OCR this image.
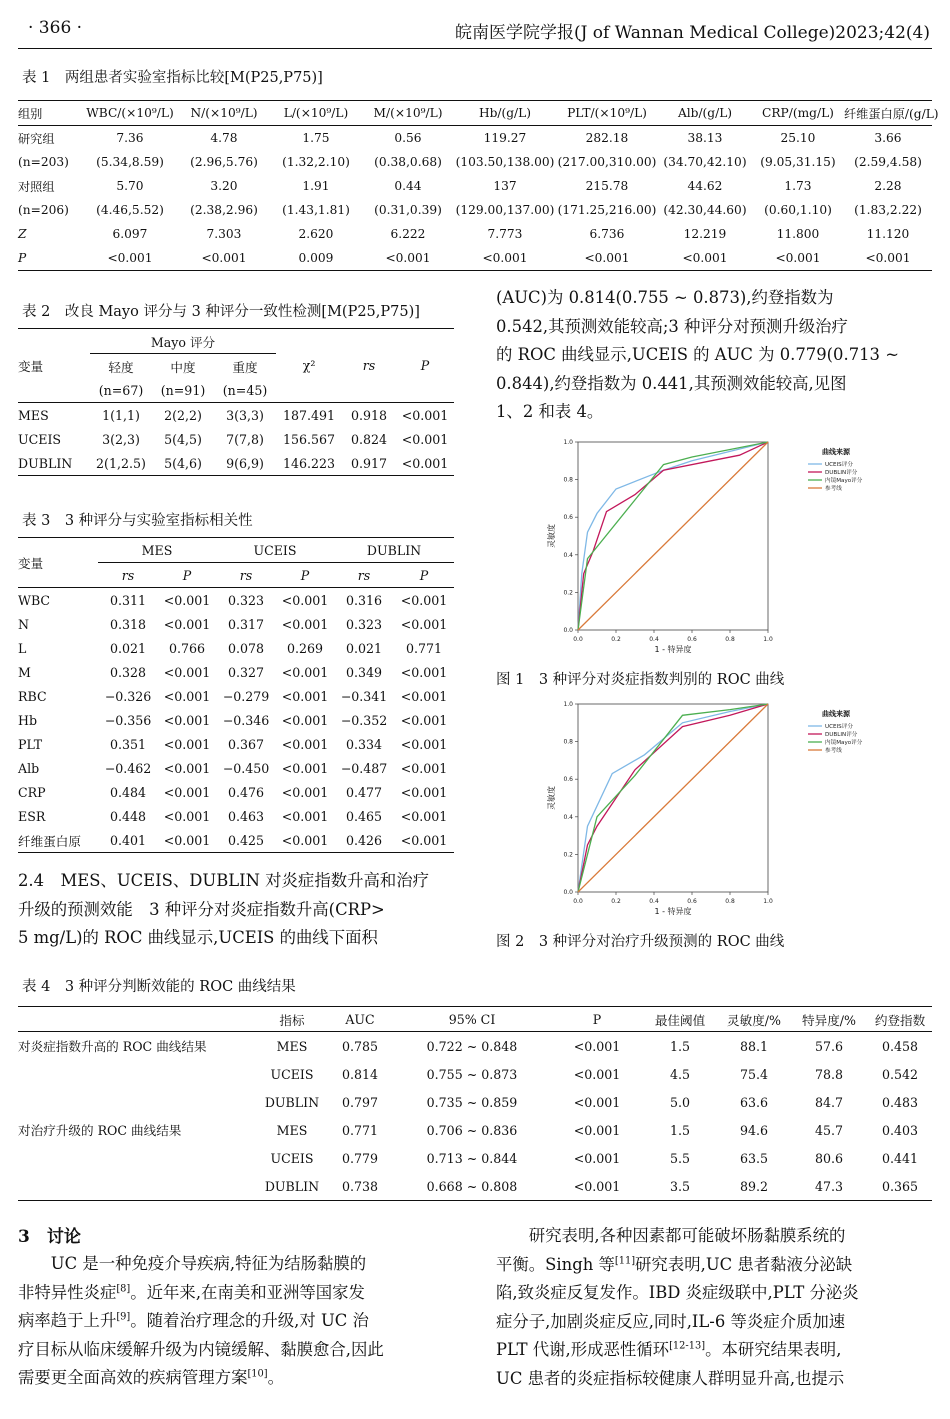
· 366 ·	皖南医学院学报(J of Wannan Medical College)2023;42(4)
表 1　两组患者实验室指标比较[M(P25,P75)]
组别	WBC/(×10⁹/L)	N/(×10⁹/L)	L/(×10⁹/L)	M/(×10⁹/L)	Hb/(g/L)	PLT/(×10⁹/L)	Alb/(g/L)	CRP/(mg/L)	纤维蛋白原/(g/L)
研究组	7.36	4.78	1.75	0.56	119.27	282.18	38.13	25.10	3.66
(n=203)	(5.34,8.59)	(2.96,5.76)	(1.32,2.10)	(0.38,0.68)	(103.50,138.00)	(217.00,310.00)	(34.70,42.10)	(9.05,31.15)	(2.59,4.58)
对照组	5.70	3.20	1.91	0.44	137	215.78	44.62	1.73	2.28
(n=206)	(4.46,5.52)	(2.38,2.96)	(1.43,1.81)	(0.31,0.39)	(129.00,137.00)	(171.25,216.00)	(42.30,44.60)	(0.60,1.10)	(1.83,2.22)
Z	6.097	7.303	2.620	6.222	7.773	6.736	12.219	11.800	11.120
P	<0.001	<0.001	0.009	<0.001	<0.001	<0.001	<0.001	<0.001	<0.001
表 2　改良 Mayo 评分与 3 种评分一致性检测[M(P25,P75)]
变量	Mayo 评分			χ²	rs	P
	轻度	中度	重度			
	(n=67)	(n=91)	(n=45)			
MES	1(1,1)	2(2,2)	3(3,3)	187.491	0.918	<0.001
UCEIS	3(2,3)	5(4,5)	7(7,8)	156.567	0.824	<0.001
DUBLIN	2(1,2.5)	5(4,6)	9(6,9)	146.223	0.917	<0.001
表 3　3 种评分与实验室指标相关性
变量	MES		UCEIS		DUBLIN	
	rs	P	rs	P	rs	P
WBC	0.311	<0.001	0.323	<0.001	0.316	<0.001
N	0.318	<0.001	0.317	<0.001	0.323	<0.001
L	0.021	0.766	0.078	0.269	0.021	0.771
M	0.328	<0.001	0.327	<0.001	0.349	<0.001
RBC	−0.326	<0.001	−0.279	<0.001	−0.341	<0.001
Hb	−0.356	<0.001	−0.346	<0.001	−0.352	<0.001
PLT	0.351	<0.001	0.367	<0.001	0.334	<0.001
Alb	−0.462	<0.001	−0.450	<0.001	−0.487	<0.001
CRP	0.484	<0.001	0.476	<0.001	0.477	<0.001
ESR	0.448	<0.001	0.463	<0.001	0.465	<0.001
纤维蛋白原	0.401	<0.001	0.425	<0.001	0.426	<0.001
2.4　MES、UCEIS、DUBLIN 对炎症指数升高和治疗
升级的预测效能　3 种评分对炎症指数升高(CRP>
5 mg/L)的 ROC 曲线显示,UCEIS 的曲线下面积
(AUC)为 0.814(0.755 ~ 0.873),约登指数为
0.542,其预测效能较高;3 种评分对预测升级治疗
的 ROC 曲线显示,UCEIS 的 AUC 为 0.779(0.713 ~
0.844),约登指数为 0.441,其预测效能较高,见图
1、2 和表 4。
0.0
0.0
0.2
0.2
0.4
0.4
0.6
0.6
0.8
0.8
1.0
1.0
1 - 特异度
灵敏度
曲线来源
UCEIS评分
DUBLIN评分
内镜Mayo评分
参考线
图 1　3 种评分对炎症指数判别的 ROC 曲线
0.0
0.0
0.2
0.2
0.4
0.4
0.6
0.6
0.8
0.8
1.0
1.0
1 - 特异度
灵敏度
曲线来源
UCEIS评分
DUBLIN评分
内镜Mayo评分
参考线
图 2　3 种评分对治疗升级预测的 ROC 曲线
表 4　3 种评分判断效能的 ROC 曲线结果
	指标	AUC	95% CI	P	最佳阈值	灵敏度/%	特异度/%	约登指数
对炎症指数升高的 ROC 曲线结果	MES	0.785	0.722 ~ 0.848	<0.001	1.5	88.1	57.6	0.458
	UCEIS	0.814	0.755 ~ 0.873	<0.001	4.5	75.4	78.8	0.542
	DUBLIN	0.797	0.735 ~ 0.859	<0.001	5.0	63.6	84.7	0.483
对治疗升级的 ROC 曲线结果	MES	0.771	0.706 ~ 0.836	<0.001	1.5	94.6	45.7	0.403
	UCEIS	0.779	0.713 ~ 0.844	<0.001	5.5	63.5	80.6	0.441
	DUBLIN	0.738	0.668 ~ 0.808	<0.001	3.5	89.2	47.3	0.365
3　讨论
　　UC 是一种免疫介导疾病,特征为结肠黏膜的
非特异性炎症[8]。近年来,在南美和亚洲等国家发
病率趋于上升[9]。随着治疗理念的升级,对 UC 治
疗目标从临床缓解升级为内镜缓解、黏膜愈合,因此
需要更全面高效的疾病管理方案[10]。
　　研究表明,各种因素都可能破坏肠黏膜系统的
平衡。Singh 等[11]研究表明,UC 患者黏液分泌缺
陷,致炎症反复发作。IBD 炎症级联中,PLT 分泌炎
症分子,加剧炎症反应,同时,IL-6 等炎症介质加速
PLT 代谢,形成恶性循环[12-13]。本研究结果表明,
UC 患者的炎症指标较健康人群明显升高,也提示
